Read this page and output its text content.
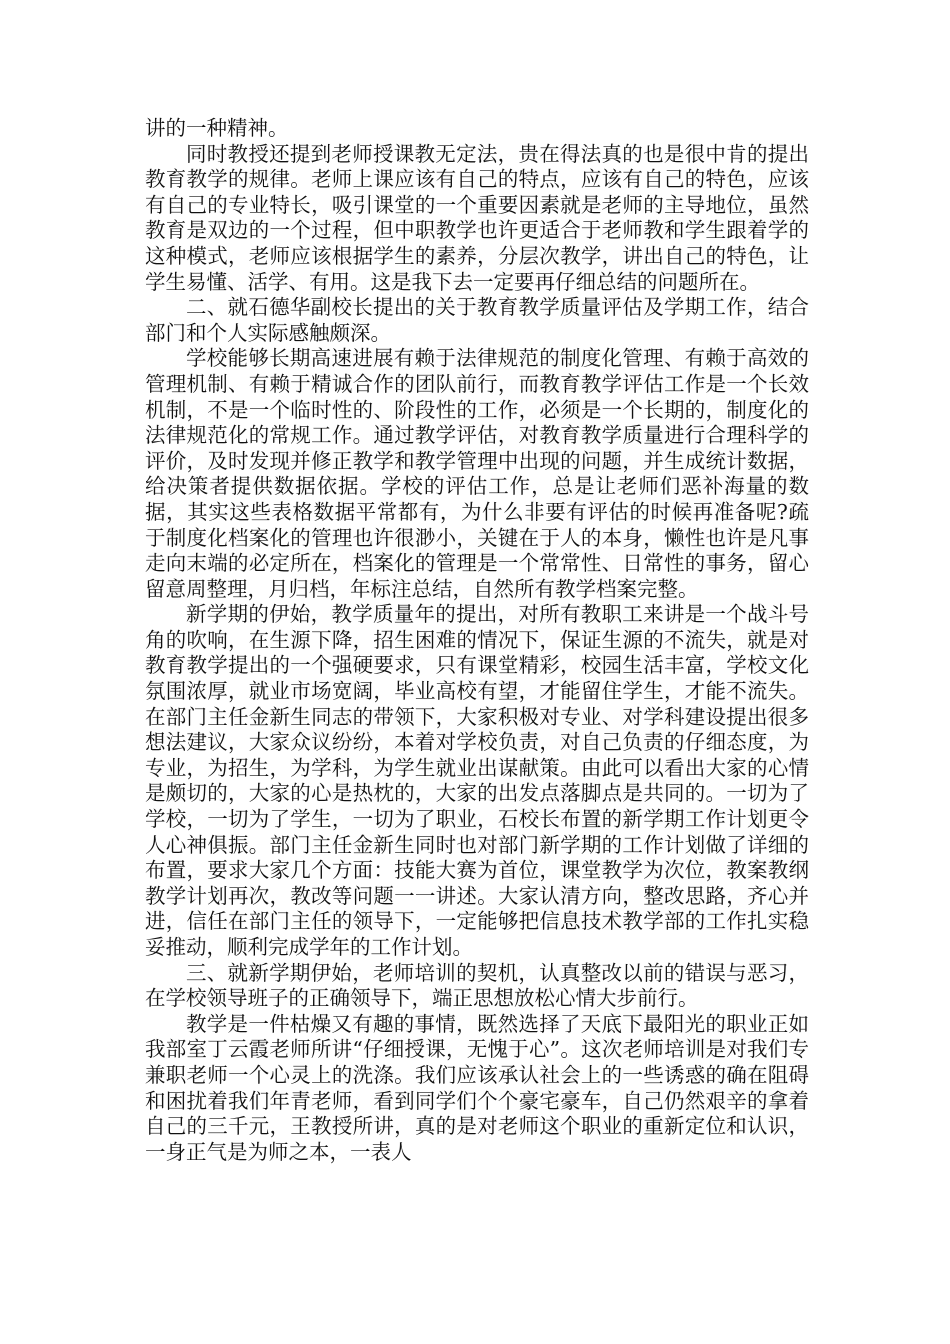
讲的一种精神。

同时教授还提到老师授课教无定法，贵在得法真的也是很中肯的提出教育教学的规律。老师上课应该有自己的特点，应该有自己的特色，应该有自己的专业特长，吸引课堂的一个重要因素就是老师的主导地位，虽然教育是双边的一个过程，但中职教学也许更适合于老师教和学生跟着学的这种模式，老师应该根据学生的素养，分层次教学，讲出自己的特色，让学生易懂、活学、有用。这是我下去一定要再仔细总结的问题所在。

二、就石德华副校长提出的关于教育教学质量评估及学期工作，结合部门和个人实际感触颇深。

学校能够长期高速进展有赖于法律规范的制度化管理、有赖于高效的管理机制、有赖于精诚合作的团队前行，而教育教学评估工作是一个长效机制，不是一个临时性的、阶段性的工作，必须是一个长期的，制度化的法律规范化的常规工作。通过教学评估，对教育教学质量进行合理科学的评价，及时发现并修正教学和教学管理中出现的问题，并生成统计数据，给决策者提供数据依据。学校的评估工作，总是让老师们恶补海量的数据，其实这些表格数据平常都有，为什么非要有评估的时候再准备呢?疏于制度化档案化的管理也许很渺小，关键在于人的本身，懒性也许是凡事走向末端的必定所在，档案化的管理是一个常常性、日常性的事务，留心留意周整理，月归档，年标注总结，自然所有教学档案完整。

新学期的伊始，教学质量年的提出，对所有教职工来讲是一个战斗号角的吹响，在生源下降，招生困难的情况下，保证生源的不流失，就是对教育教学提出的一个强硬要求，只有课堂精彩，校园生活丰富，学校文化氛围浓厚，就业市场宽阔，毕业高校有望，才能留住学生，才能不流失。在部门主任金新生同志的带领下，大家积极对专业、对学科建设提出很多想法建议，大家众议纷纷，本着对学校负责，对自己负责的仔细态度，为专业，为招生，为学科，为学生就业出谋献策。由此可以看出大家的心情是颇切的，大家的心是热枕的，大家的出发点落脚点是共同的。一切为了学校，一切为了学生，一切为了职业，石校长布置的新学期工作计划更令人心神俱振。部门主任金新生同时也对部门新学期的工作计划做了详细的布置，要求大家几个方面：技能大赛为首位，课堂教学为次位，教案教纲教学计划再次，教改等问题一一讲述。大家认清方向，整改思路，齐心并进，信任在部门主任的领导下，一定能够把信息技术教学部的工作扎实稳妥推动，顺利完成学年的工作计划。

三、就新学期伊始，老师培训的契机，认真整改以前的错误与恶习，在学校领导班子的正确领导下，端正思想放松心情大步前行。

教学是一件枯燥又有趣的事情，既然选择了天底下最阳光的职业正如我部室丁云霞老师所讲“仔细授课，无愧于心”。这次老师培训是对我们专兼职老师一个心灵上的洗涤。我们应该承认社会上的一些诱惑的确在阻碍和困扰着我们年青老师，看到同学们个个豪宅豪车，自己仍然艰辛的拿着自己的三千元，王教授所讲，真的是对老师这个职业的重新定位和认识，一身正气是为师之本，一表人
